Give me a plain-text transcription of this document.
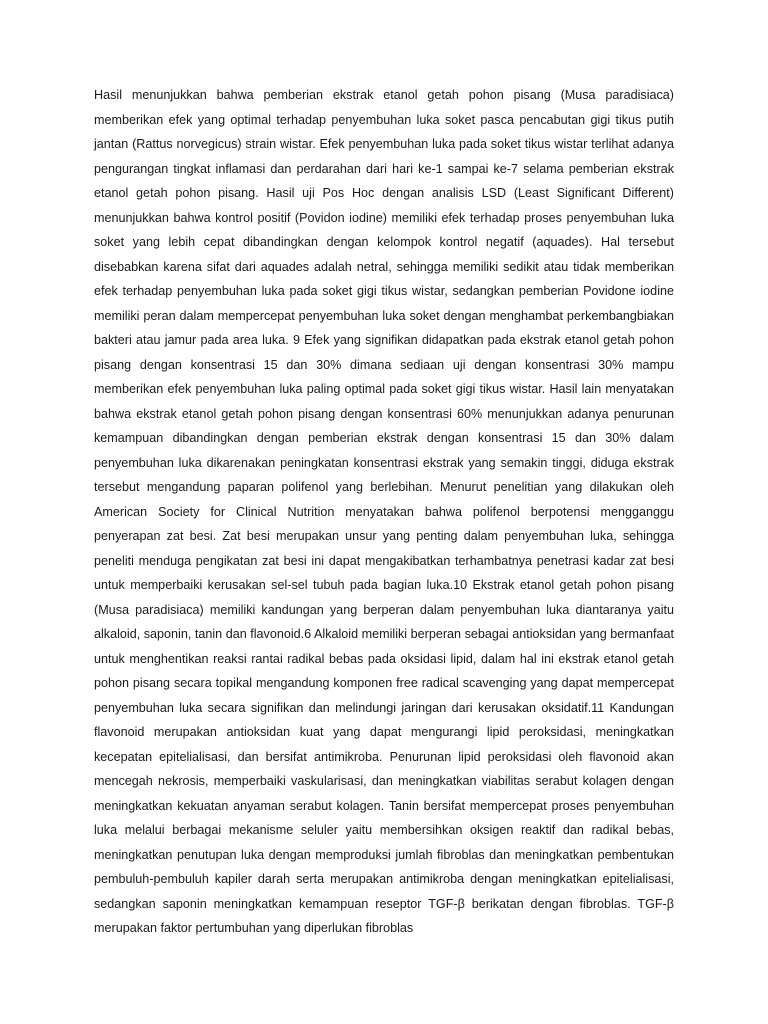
Hasil menunjukkan bahwa pemberian ekstrak etanol getah pohon pisang (Musa paradisiaca) memberikan efek yang optimal terhadap penyembuhan luka soket pasca pencabutan gigi tikus putih jantan (Rattus norvegicus) strain wistar. Efek penyembuhan luka pada soket tikus wistar terlihat adanya pengurangan tingkat inflamasi dan perdarahan dari hari ke-1 sampai ke-7 selama pemberian ekstrak etanol getah pohon pisang. Hasil uji Pos Hoc dengan analisis LSD (Least Significant Different) menunjukkan bahwa kontrol positif (Povidon iodine) memiliki efek terhadap proses penyembuhan luka soket yang lebih cepat dibandingkan dengan kelompok kontrol negatif (aquades). Hal tersebut disebabkan karena sifat dari aquades adalah netral, sehingga memiliki sedikit atau tidak memberikan efek terhadap penyembuhan luka pada soket gigi tikus wistar, sedangkan pemberian Povidone iodine memiliki peran dalam mempercepat penyembuhan luka soket dengan menghambat perkembangbiakan bakteri atau jamur pada area luka. 9 Efek yang signifikan didapatkan pada ekstrak etanol getah pohon pisang dengan konsentrasi 15 dan 30% dimana sediaan uji dengan konsentrasi 30% mampu memberikan efek penyembuhan luka paling optimal pada soket gigi tikus wistar. Hasil lain menyatakan bahwa ekstrak etanol getah pohon pisang dengan konsentrasi 60% menunjukkan adanya penurunan kemampuan dibandingkan dengan pemberian ekstrak dengan konsentrasi 15 dan 30% dalam penyembuhan luka dikarenakan peningkatan konsentrasi ekstrak yang semakin tinggi, diduga ekstrak tersebut mengandung paparan polifenol yang berlebihan. Menurut penelitian yang dilakukan oleh American Society for Clinical Nutrition menyatakan bahwa polifenol berpotensi mengganggu penyerapan zat besi. Zat besi merupakan unsur yang penting dalam penyembuhan luka, sehingga peneliti menduga pengikatan zat besi ini dapat mengakibatkan terhambatnya penetrasi kadar zat besi untuk memperbaiki kerusakan sel-sel tubuh pada bagian luka.10 Ekstrak etanol getah pohon pisang (Musa paradisiaca) memiliki kandungan yang berperan dalam penyembuhan luka diantaranya yaitu alkaloid, saponin, tanin dan flavonoid.6 Alkaloid memiliki berperan sebagai antioksidan yang bermanfaat untuk menghentikan reaksi rantai radikal bebas pada oksidasi lipid, dalam hal ini ekstrak etanol getah pohon pisang secara topikal mengandung komponen free radical scavenging yang dapat mempercepat penyembuhan luka secara signifikan dan melindungi jaringan dari kerusakan oksidatif.11 Kandungan flavonoid merupakan antioksidan kuat yang dapat mengurangi lipid peroksidasi, meningkatkan kecepatan epitelialisasi, dan bersifat antimikroba. Penurunan lipid peroksidasi oleh flavonoid akan mencegah nekrosis, memperbaiki vaskularisasi, dan meningkatkan viabilitas serabut kolagen dengan meningkatkan kekuatan anyaman serabut kolagen. Tanin bersifat mempercepat proses penyembuhan luka melalui berbagai mekanisme seluler yaitu membersihkan oksigen reaktif dan radikal bebas, meningkatkan penutupan luka dengan memproduksi jumlah fibroblas dan meningkatkan pembentukan pembuluh-pembuluh kapiler darah serta merupakan antimikroba dengan meningkatkan epitelialisasi, sedangkan saponin meningkatkan kemampuan reseptor TGF-β berikatan dengan fibroblas. TGF-β merupakan faktor pertumbuhan yang diperlukan fibroblas
